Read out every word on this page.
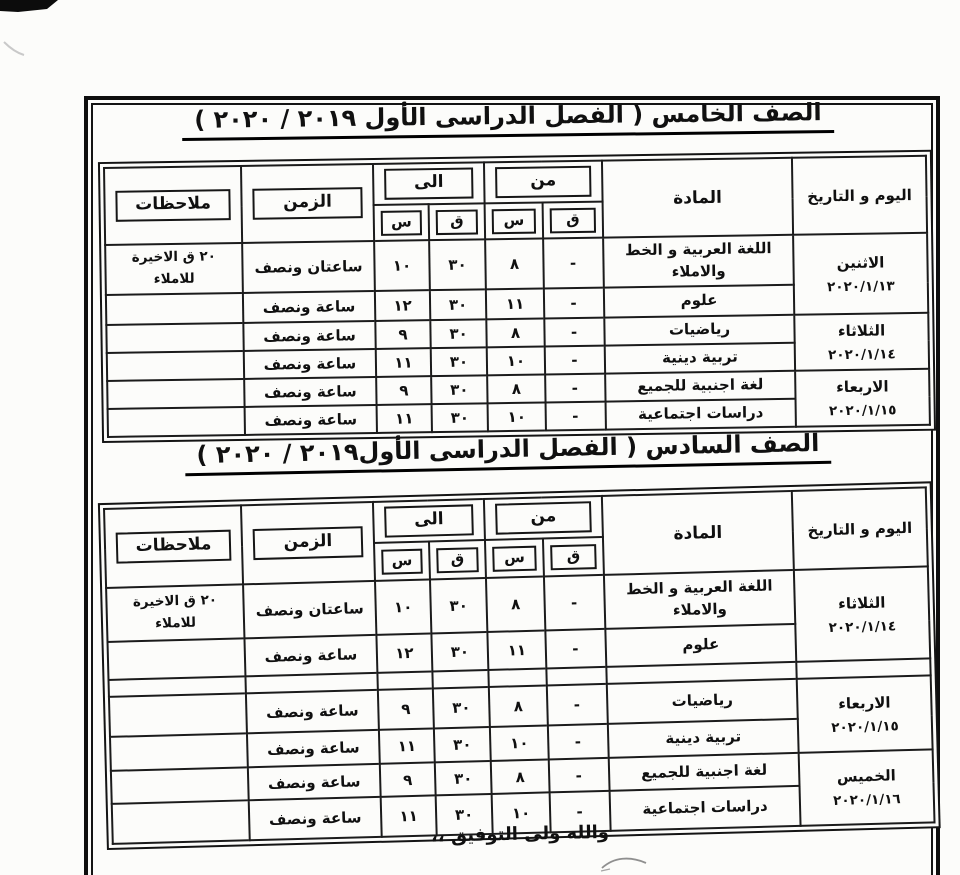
الصف الخامس ( الفصل الدراسى الأول ٢٠١٩ / ٢٠٢٠ )
اليوم و التاريخ	المادة	من		الى		الزمن	ملاحظات

		ق	س	ق	س		

الاثنين
٢٠٢٠/١/١٣	اللغة العربية و الخط والاملاء	-	٨	٣٠	١٠	ساعتان ونصف	٢٠ ق الاخيرة للاملاء

	علوم	-	١١	٣٠	١٢	ساعة ونصف	

الثلاثاء
٢٠٢٠/١/١٤	رياضيات	-	٨	٣٠	٩	ساعة ونصف	
	تربية دينية	-	١٠	٣٠	١١	ساعة ونصف	

الاربعاء
٢٠٢٠/١/١٥	لغة اجنبية للجميع	-	٨	٣٠	٩	ساعة ونصف	
	دراسات اجتماعية	-	١٠	٣٠	١١	ساعة ونصف	
الصف السادس ( الفصل الدراسى الأول٢٠١٩ / ٢٠٢٠ )
اليوم و التاريخ	المادة	من		الى		الزمن	ملاحظات

		ق	س	ق	س		

الثلاثاء
٢٠٢٠/١/١٤	اللغة العربية و الخط والاملاء	-	٨	٣٠	١٠	ساعتان ونصف	٢٠ ق الاخيرة للاملاء

	علوم	-	١١	٣٠	١٢	ساعة ونصف	

الاربعاء
٢٠٢٠/١/١٥	رياضيات	-	٨	٣٠	٩	ساعة ونصف	
	تربية دينية	-	١٠	٣٠	١١	ساعة ونصف	

الخميس
٢٠٢٠/١/١٦	لغة اجنبية للجميع	-	٨	٣٠	٩	ساعة ونصف	
	دراسات اجتماعية	-	١٠	٣٠	١١	ساعة ونصف	
والله ولى التوفيق ،،
